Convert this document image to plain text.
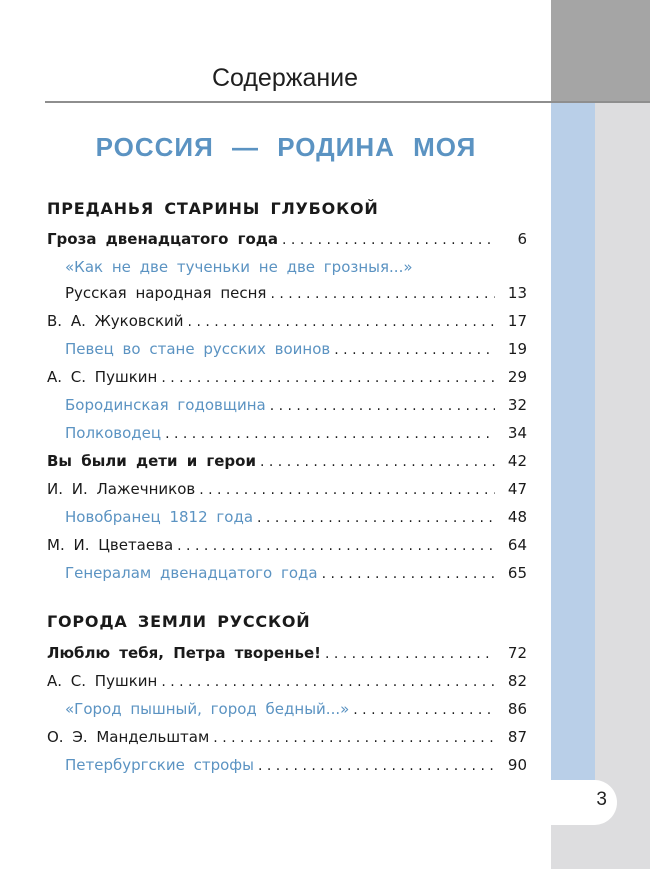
Содержание
РОССИЯ — РОДИНА МОЯ
ПРЕДАНЬЯ СТАРИНЫ ГЛУБОКОЙ
Гроза двенадцатого года . . .	6
«Как не две тученьки не две грозныя...»
Русская народная песня . . .	13
В. А. Жуковский . . .	17
Певец во стане русских воинов . . .	19
А. С. Пушкин . . .	29
Бородинская годовщина . . .	32
Полководец . . .	34
Вы были дети и герои . . .	42
И. И. Лажечников . . .	47
Новобранец 1812 года . . .	48
М. И. Цветаева . . .	64
Генералам двенадцатого года . . .	65
ГОРОДА ЗЕМЛИ РУССКОЙ
Люблю тебя, Петра творенье! . . .	72
А. С. Пушкин . . .	82
«Город пышный, город бедный...» . . .	86
О. Э. Мандельштам . . .	87
Петербургские строфы . . .	90
3
